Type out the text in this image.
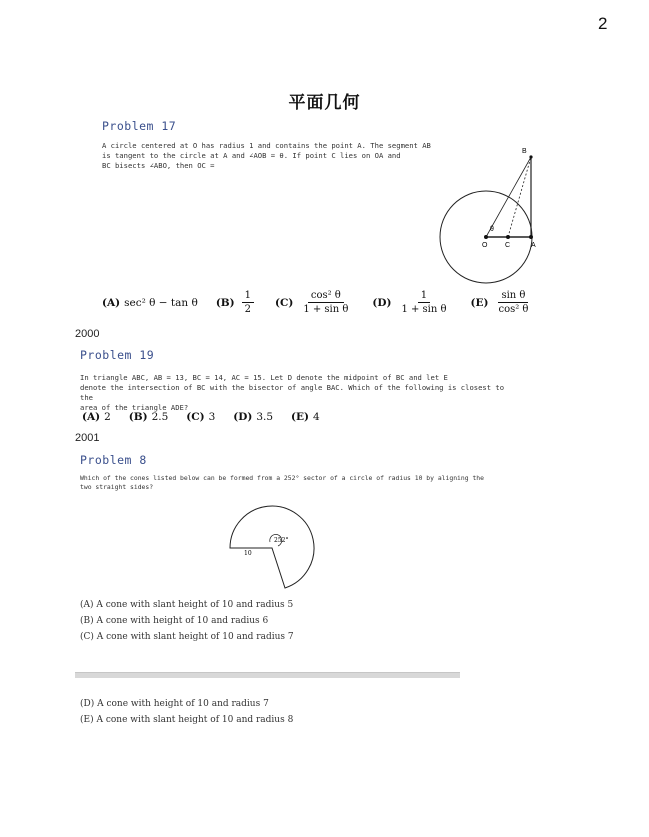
2
平面几何
Problem 17
A circle centered at O has radius 1 and contains the point A. The segment AB
is tangent to the circle at A and ∠AOB = θ. If point C lies on OA and
BC bisects ∠ABO, then OC =
B
θ
O	C	A
(A) sec² θ − tan θ $(B) \frac{1}{2} (C) \frac{\text{cos² θ}}{\text{1 + sin θ}} (D) \frac{1}{\text{1 + sin θ}} (E) \frac{\text{sin θ}}{\text{cos² θ}}$
2000
Problem 19
In triangle ABC, AB = 13, BC = 14, AC = 15. Let D denote the midpoint of BC and let E
denote the intersection of BC with the bisector of angle BAC. Which of the following is closest to the
area of the triangle ADE?
(A) 2 (B) 2.5 (C) 3 (D) 3.5 (E) 4
2001
Problem 8
Which of the cones listed below can be formed from a 252° sector of a circle of radius 10 by aligning the
two straight sides?
252°
10
(A) A cone with slant height of 10 and radius 5
(B) A cone with height of 10 and radius 6
(C) A cone with slant height of 10 and radius 7
(D) A cone with height of 10 and radius 7
(E) A cone with slant height of 10 and radius 8
